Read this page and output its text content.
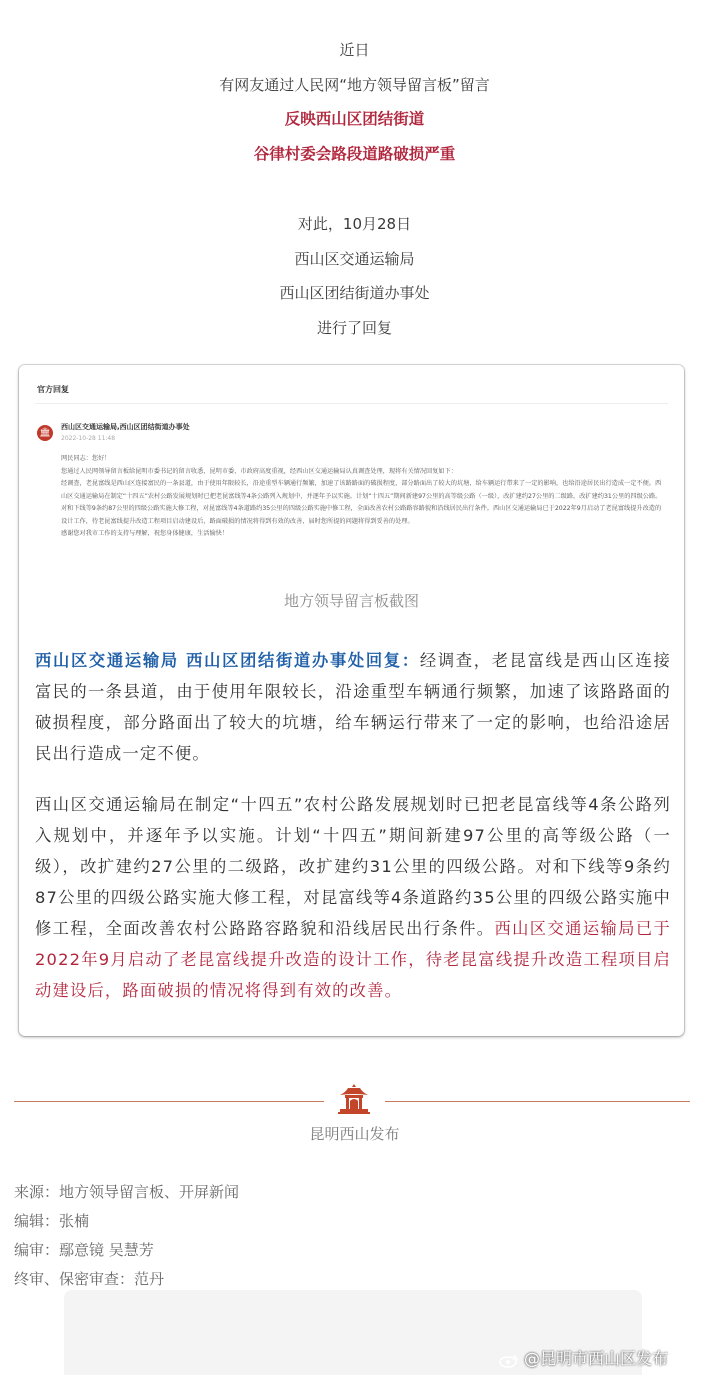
近日
有网友通过人民网“地方领导留言板”留言
反映西山区团结街道
谷律村委会路段道路破损严重
对此，10月28日
西山区交通运输局
西山区团结街道办事处
进行了回复
官方回复
🏛
西山区交通运输局,西山区团结街道办事处
2022-10-28 11:48

网民同志：您好！

您通过人民网领导留言板给昆明市委书记的留言收悉，昆明市委、市政府高度重视，经西山区交通运输局认真调查处理，现将有关情况回复如下：

经调查，老昆富线是西山区连接富民的一条县道，由于使用年限较长，沿途重型车辆通行频繁，加速了该路路面的破损程度，部分路面出了较大的坑塘，给车辆运行带来了一定的影响，也给沿途居民出行造成一定不便。西山区交通运输局在制定“十四五”农村公路发展规划时已把老昆富线等4条公路列入规划中，并逐年予以实施。计划“十四五”期间新建97公里的高等级公路（一级），改扩建约27公里的二级路，改扩建约31公里的四级公路。对和下线等9条约87公里的四级公路实施大修工程，对昆富线等4条道路约35公里的四级公路实施中修工程，全面改善农村公路路容路貌和沿线居民出行条件。西山区交通运输局已于2022年9月启动了老昆富线提升改造的设计工作，待老昆富线提升改造工程项目启动建设后，路面破损的情况将得到有效的改善，届时您所提的问题将得到妥善的处理。

感谢您对我市工作的支持与理解，祝您身体健康，生活愉快！

地方领导留言板截图
西山区交通运输局 西山区团结街道办事处回复：经调查，老昆富线是西山区连接富民的一条县道，由于使用年限较长，沿途重型车辆通行频繁，加速了该路路面的破损程度，部分路面出了较大的坑塘，给车辆运行带来了一定的影响，也给沿途居民出行造成一定不便。
西山区交通运输局在制定“十四五”农村公路发展规划时已把老昆富线等4条公路列入规划中，并逐年予以实施。计划“十四五”期间新建97公里的高等级公路（一级），改扩建约27公里的二级路，改扩建约31公里的四级公路。对和下线等9条约87公里的四级公路实施大修工程，对昆富线等4条道路约35公里的四级公路实施中修工程，全面改善农村公路路容路貌和沿线居民出行条件。西山区交通运输局已于2022年9月启动了老昆富线提升改造的设计工作，待老昆富线提升改造工程项目启动建设后，路面破损的情况将得到有效的改善。
昆明西山发布
来源：地方领导留言板、开屏新闻
编辑：张楠
编审：鄢意镜 吴慧芳
终审、保密审查：范丹
@昆明市西山区发布
